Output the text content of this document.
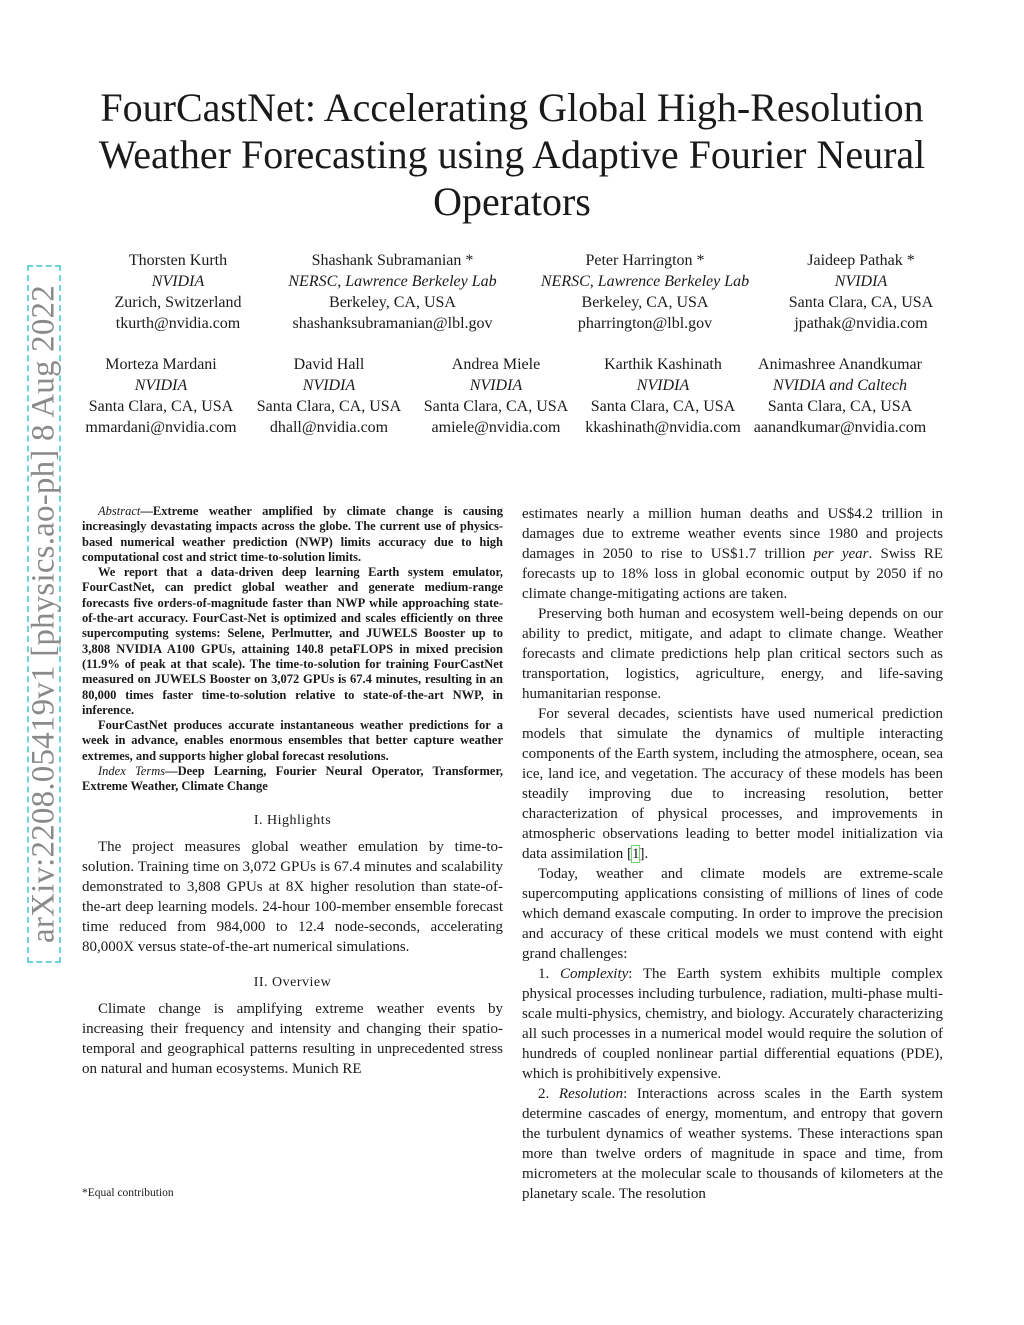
arXiv:2208.05419v1 [physics.ao-ph] 8 Aug 2022
FourCastNet: Accelerating Global High-Resolution Weather Forecasting using Adaptive Fourier Neural Operators
Thorsten Kurth
NVIDIA
Zurich, Switzerland
tkurth@nvidia.com
Shashank Subramanian *
NERSC, Lawrence Berkeley Lab
Berkeley, CA, USA
shashanksubramanian@lbl.gov
Peter Harrington *
NERSC, Lawrence Berkeley Lab
Berkeley, CA, USA
pharrington@lbl.gov
Jaideep Pathak *
NVIDIA
Santa Clara, CA, USA
jpathak@nvidia.com
Morteza Mardani
NVIDIA
Santa Clara, CA, USA
mmardani@nvidia.com
David Hall
NVIDIA
Santa Clara, CA, USA
dhall@nvidia.com
Andrea Miele
NVIDIA
Santa Clara, CA, USA
amiele@nvidia.com
Karthik Kashinath
NVIDIA
Santa Clara, CA, USA
kkashinath@nvidia.com
Animashree Anandkumar
NVIDIA and Caltech
Santa Clara, CA, USA
aanandkumar@nvidia.com

Abstract—Extreme weather amplified by climate change is causing increasingly devastating impacts across the globe. The current use of physics-based numerical weather prediction (NWP) limits accuracy due to high computational cost and strict time-to-solution limits.

We report that a data-driven deep learning Earth system emulator, FourCastNet, can predict global weather and generate medium-range forecasts five orders-of-magnitude faster than NWP while approaching state-of-the-art accuracy. FourCast-Net is optimized and scales efficiently on three supercomputing systems: Selene, Perlmutter, and JUWELS Booster up to 3,808 NVIDIA A100 GPUs, attaining 140.8 petaFLOPS in mixed precision (11.9% of peak at that scale). The time-to-solution for training FourCastNet measured on JUWELS Booster on 3,072 GPUs is 67.4 minutes, resulting in an 80,000 times faster time-to-solution relative to state-of-the-art NWP, in inference.

FourCastNet produces accurate instantaneous weather predictions for a week in advance, enables enormous ensembles that better capture weather extremes, and supports higher global forecast resolutions.

Index Terms—Deep Learning, Fourier Neural Operator, Transformer, Extreme Weather, Climate Change

I. Highlights

The project measures global weather emulation by time-to-solution. Training time on 3,072 GPUs is 67.4 minutes and scalability demonstrated to 3,808 GPUs at 8X higher resolution than state-of-the-art deep learning models. 24-hour 100-member ensemble forecast time reduced from 984,000 to 12.4 node-seconds, accelerating 80,000X versus state-of-the-art numerical simulations.

II. Overview

Climate change is amplifying extreme weather events by increasing their frequency and intensity and changing their spatio-temporal and geographical patterns resulting in unprecedented stress on natural and human ecosystems. Munich RE

*Equal contribution

estimates nearly a million human deaths and US$4.2 trillion in damages due to extreme weather events since 1980 and projects damages in 2050 to rise to US$1.7 trillion per year. Swiss RE forecasts up to 18% loss in global economic output by 2050 if no climate change-mitigating actions are taken.

Preserving both human and ecosystem well-being depends on our ability to predict, mitigate, and adapt to climate change. Weather forecasts and climate predictions help plan critical sectors such as transportation, logistics, agriculture, energy, and life-saving humanitarian response.

For several decades, scientists have used numerical prediction models that simulate the dynamics of multiple interacting components of the Earth system, including the atmosphere, ocean, sea ice, land ice, and vegetation. The accuracy of these models has been steadily improving due to increasing resolution, better characterization of physical processes, and improvements in atmospheric observations leading to better model initialization via data assimilation [1].

Today, weather and climate models are extreme-scale supercomputing applications consisting of millions of lines of code which demand exascale computing. In order to improve the precision and accuracy of these critical models we must contend with eight grand challenges:

1. Complexity: The Earth system exhibits multiple complex physical processes including turbulence, radiation, multi-phase multi-scale multi-physics, chemistry, and biology. Accurately characterizing all such processes in a numerical model would require the solution of hundreds of coupled nonlinear partial differential equations (PDE), which is prohibitively expensive.

2. Resolution: Interactions across scales in the Earth system determine cascades of energy, momentum, and entropy that govern the turbulent dynamics of weather systems. These interactions span more than twelve orders of magnitude in space and time, from micrometers at the molecular scale to thousands of kilometers at the planetary scale. The resolution
